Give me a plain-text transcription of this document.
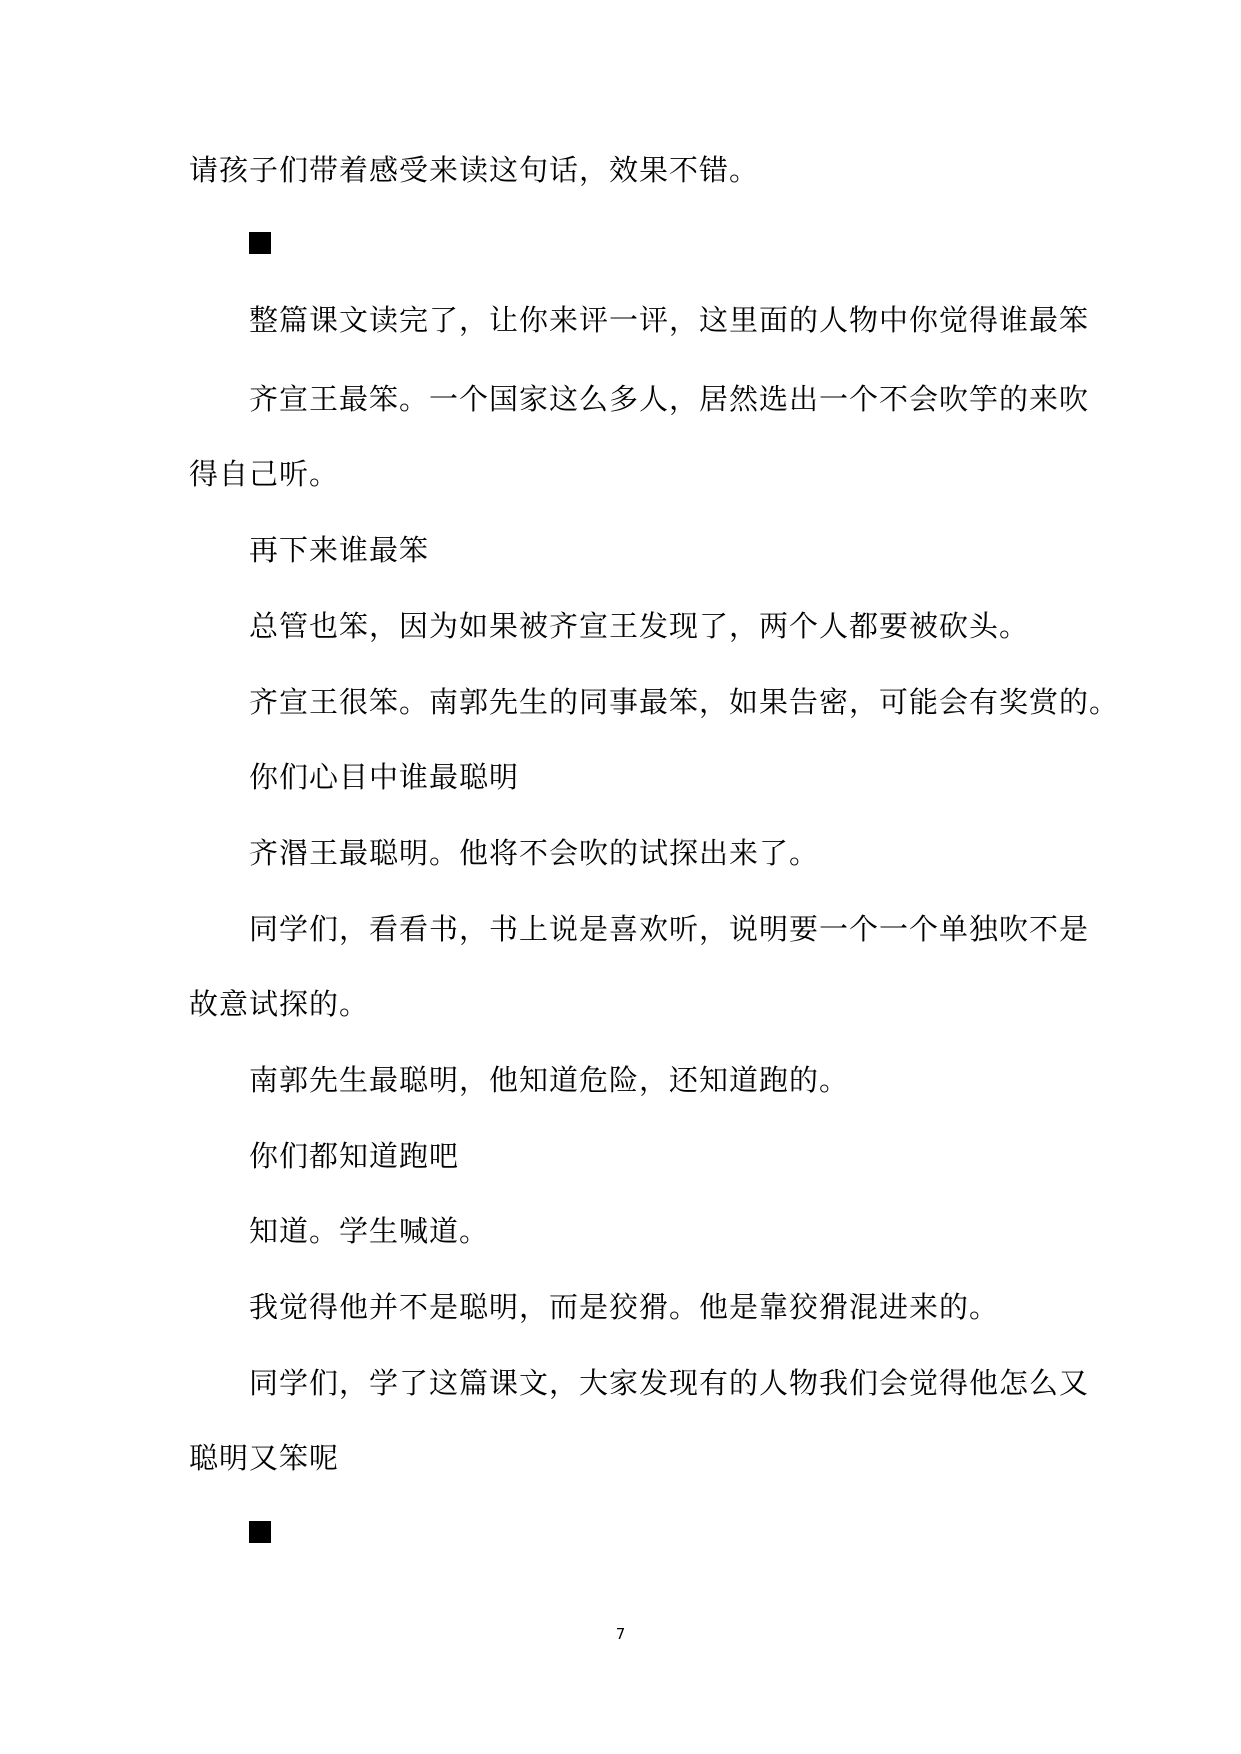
请孩子们带着感受来读这句话，效果不错。
整篇课文读完了，让你来评一评，这里面的人物中你觉得谁最笨
齐宣王最笨。一个国家这么多人，居然选出一个不会吹竽的来吹
得自己听。
再下来谁最笨
总管也笨，因为如果被齐宣王发现了，两个人都要被砍头。
齐宣王很笨。南郭先生的同事最笨，如果告密，可能会有奖赏的。
你们心目中谁最聪明
齐湣王最聪明。他将不会吹的试探出来了。
同学们，看看书，书上说是喜欢听，说明要一个一个单独吹不是
故意试探的。
南郭先生最聪明，他知道危险，还知道跑的。
你们都知道跑吧
知道。学生喊道。
我觉得他并不是聪明，而是狡猾。他是靠狡猾混进来的。
同学们，学了这篇课文，大家发现有的人物我们会觉得他怎么又
聪明又笨呢
7
